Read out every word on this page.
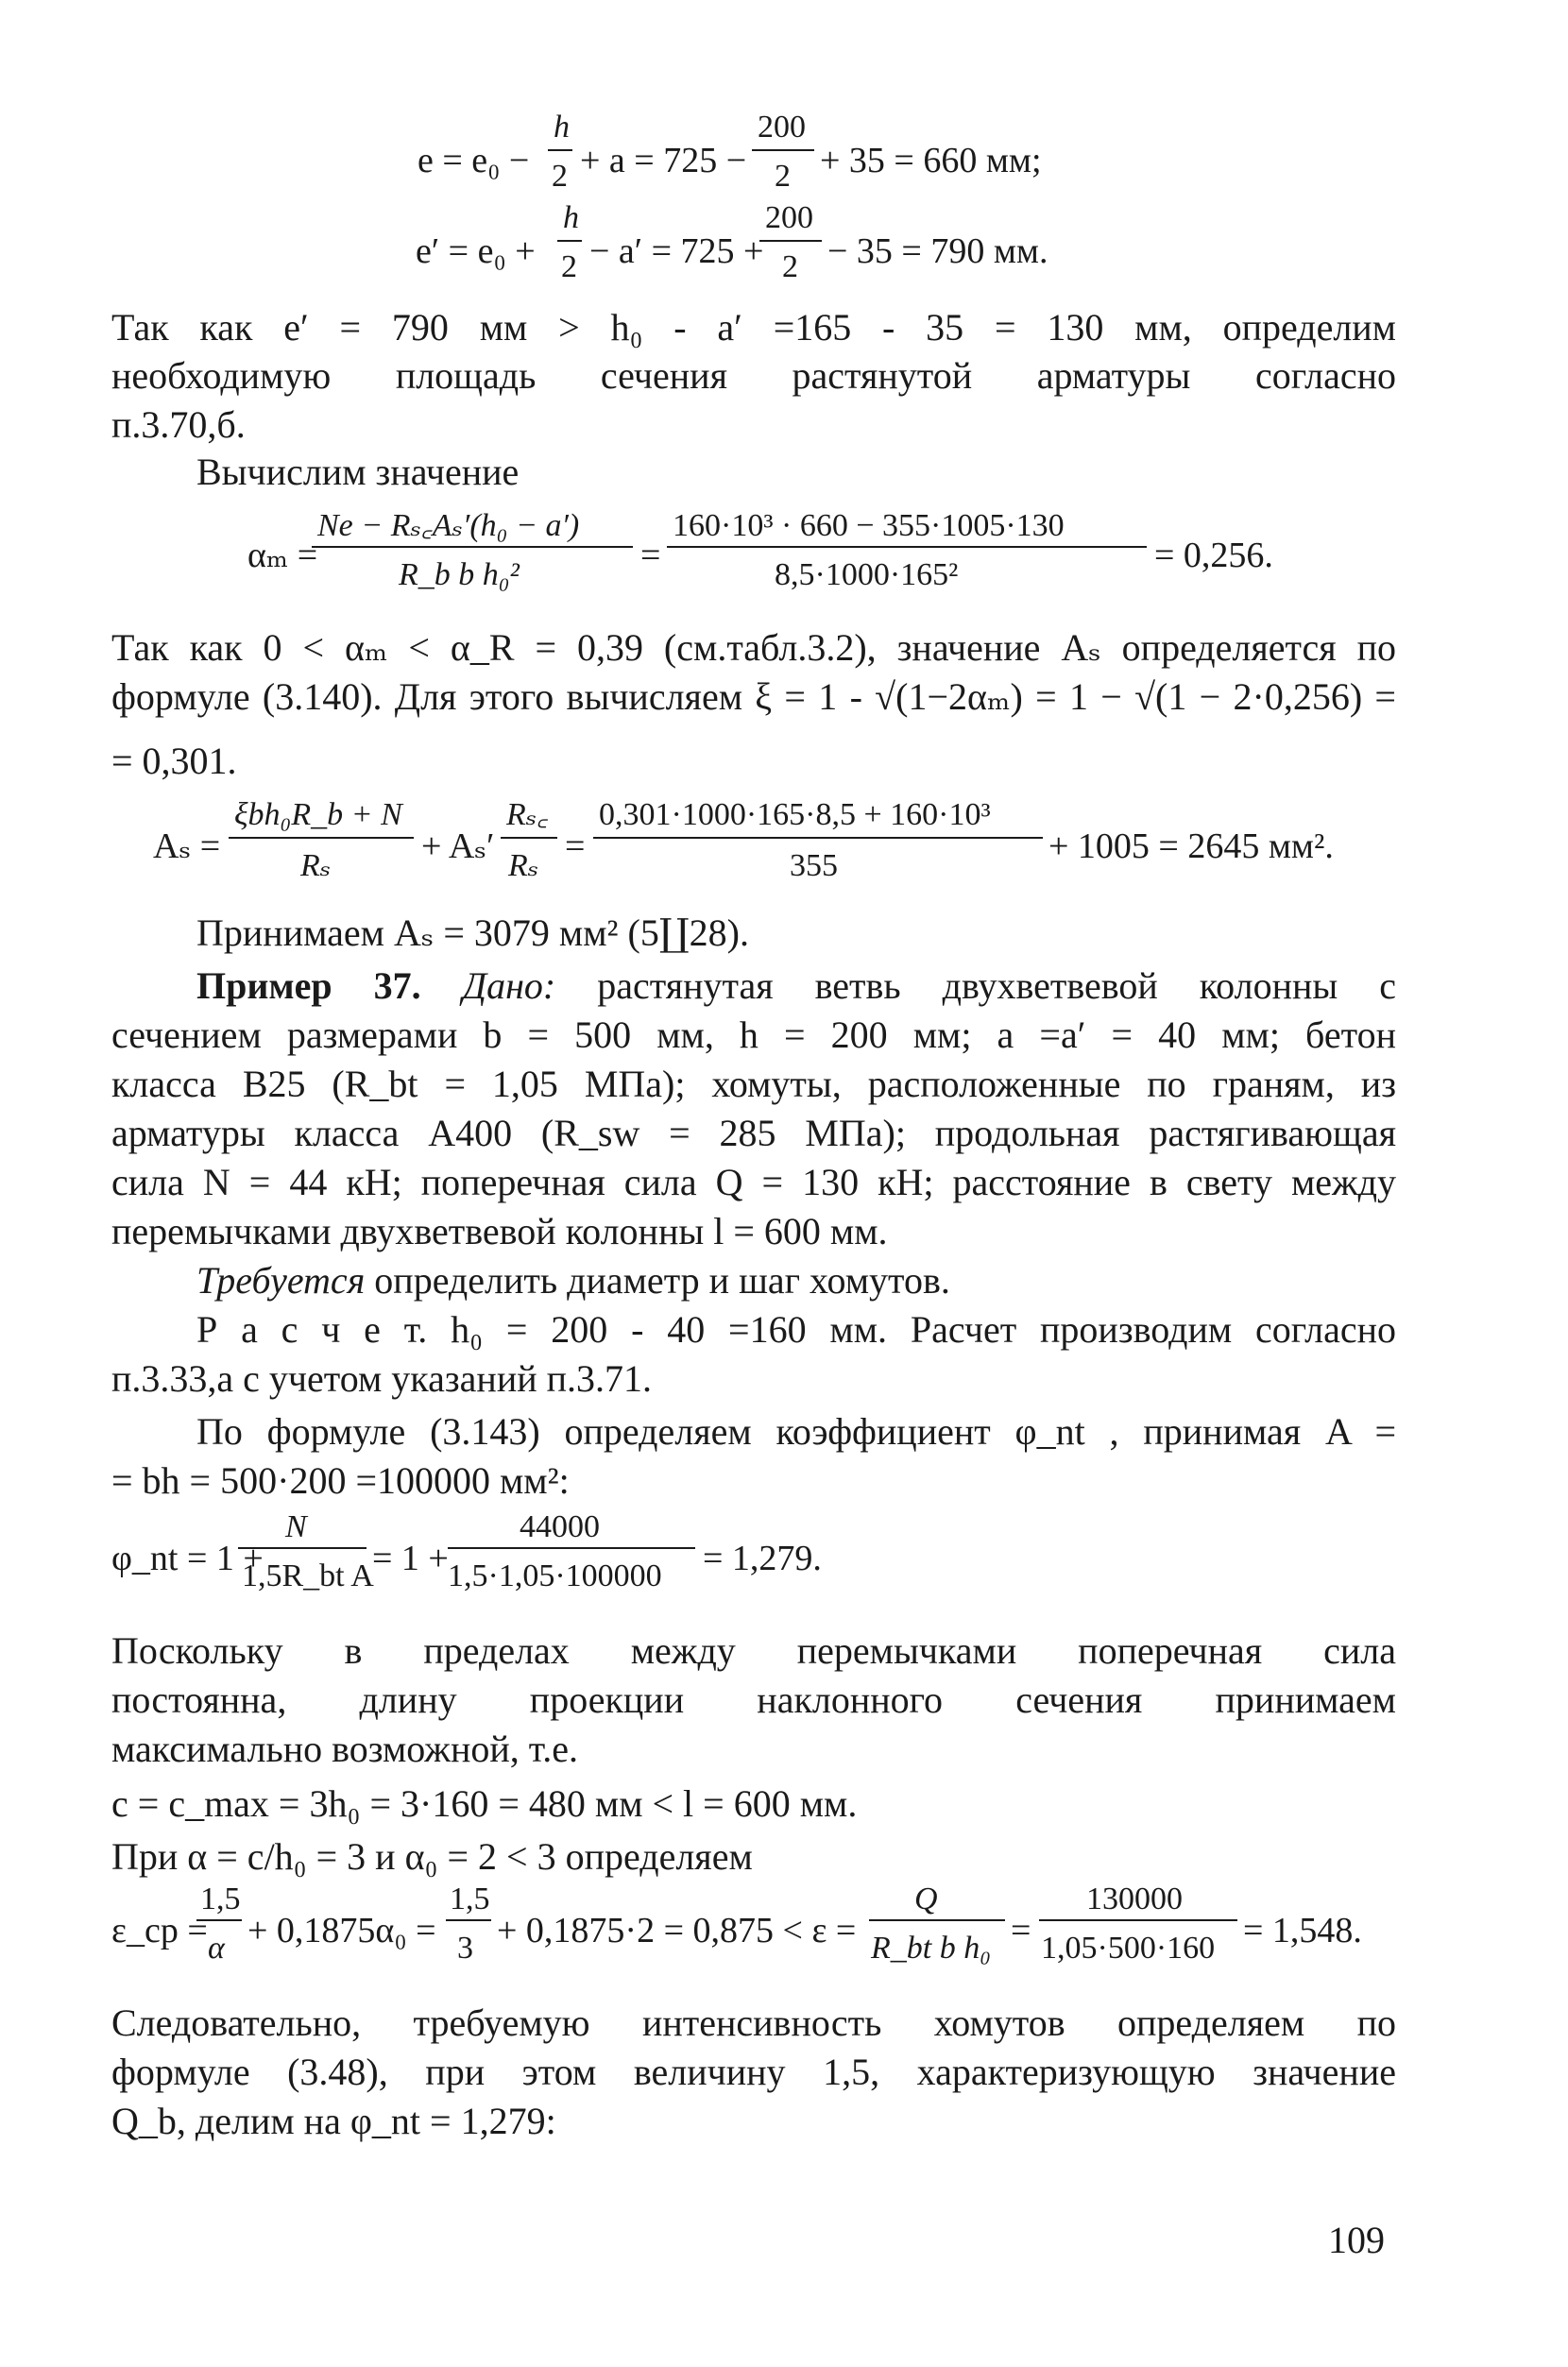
e = e₀ −
h
2 + a = 725 −
200
2 + 35 = 660 мм;
e′ = e₀ +
h
2 − a′ = 725 +
200
2 − 35 = 790 мм.
Так как e′ = 790 мм > h₀ - a′ =165 - 35 = 130 мм, определим
необходимую площадь сечения растянутой арматуры согласно
п.3.70,б.
Вычислим значение
αₘ =
Ne − Rₛ꜀Aₛ′(h₀ − a′)
R_b b h₀²	=
160·10³ · 660 − 355·1005·130
8,5·1000·165²	= 0,256.
Так как 0 < αₘ < α_R = 0,39 (см.табл.3.2), значение Aₛ определяется по
формуле (3.140). Для этого вычисляем ξ = 1 - √(1−2αₘ) = 1 − √(1 − 2·0,256) =
= 0,301.
Aₛ =
ξbh₀R_b + N
Rₛ	+ Aₛ′
Rₛ꜀
Rₛ =
0,301·1000·165·8,5 + 160·10³
355	+ 1005 = 2645 мм².
Принимаем Aₛ = 3079 мм² (5∐28).
Пример 37. Дано: растянутая ветвь двухветвевой колонны с
сечением размерами b = 500 мм, h = 200 мм; a =a′ = 40 мм; бетон
класса B25 (R_bt = 1,05 МПа); хомуты, расположенные по граням, из
арматуры класса A400 (R_sw = 285 МПа); продольная растягивающая
сила N = 44 кН; поперечная сила Q = 130 кН; расстояние в свету между
перемычками двухветвевой колонны l = 600 мм.
Требуется определить диаметр и шаг хомутов.
Р а с ч е т. h₀ = 200 - 40 =160 мм. Расчет производим согласно
п.3.33,а с учетом указаний п.3.71.
По формуле (3.143) определяем коэффициент φ_nt , принимая A =
= bh = 500·200 =100000 мм²:
φ_nt = 1 +
N
1,5R_bt A
= 1 +
44000
1,5·1,05·100000 = 1,279.
Поскольку в пределах между перемычками поперечная сила
постоянна, длину проекции наклонного сечения принимаем
максимально возможной, т.е.
c = c_max = 3h₀ = 3·160 = 480 мм < l = 600 мм.
При α = c/h₀ = 3 и α₀ = 2 < 3 определяем
ε_ср =
1,5
α + 0,1875α₀ =
1,5
3 + 0,1875·2 = 0,875 < ε =
Q
R_bt b h₀ =
130000
1,05·500·160 = 1,548.
Следовательно, требуемую интенсивность хомутов определяем по
формуле (3.48), при этом величину 1,5, характеризующую значение
Q_b, делим на φ_nt = 1,279:
109
